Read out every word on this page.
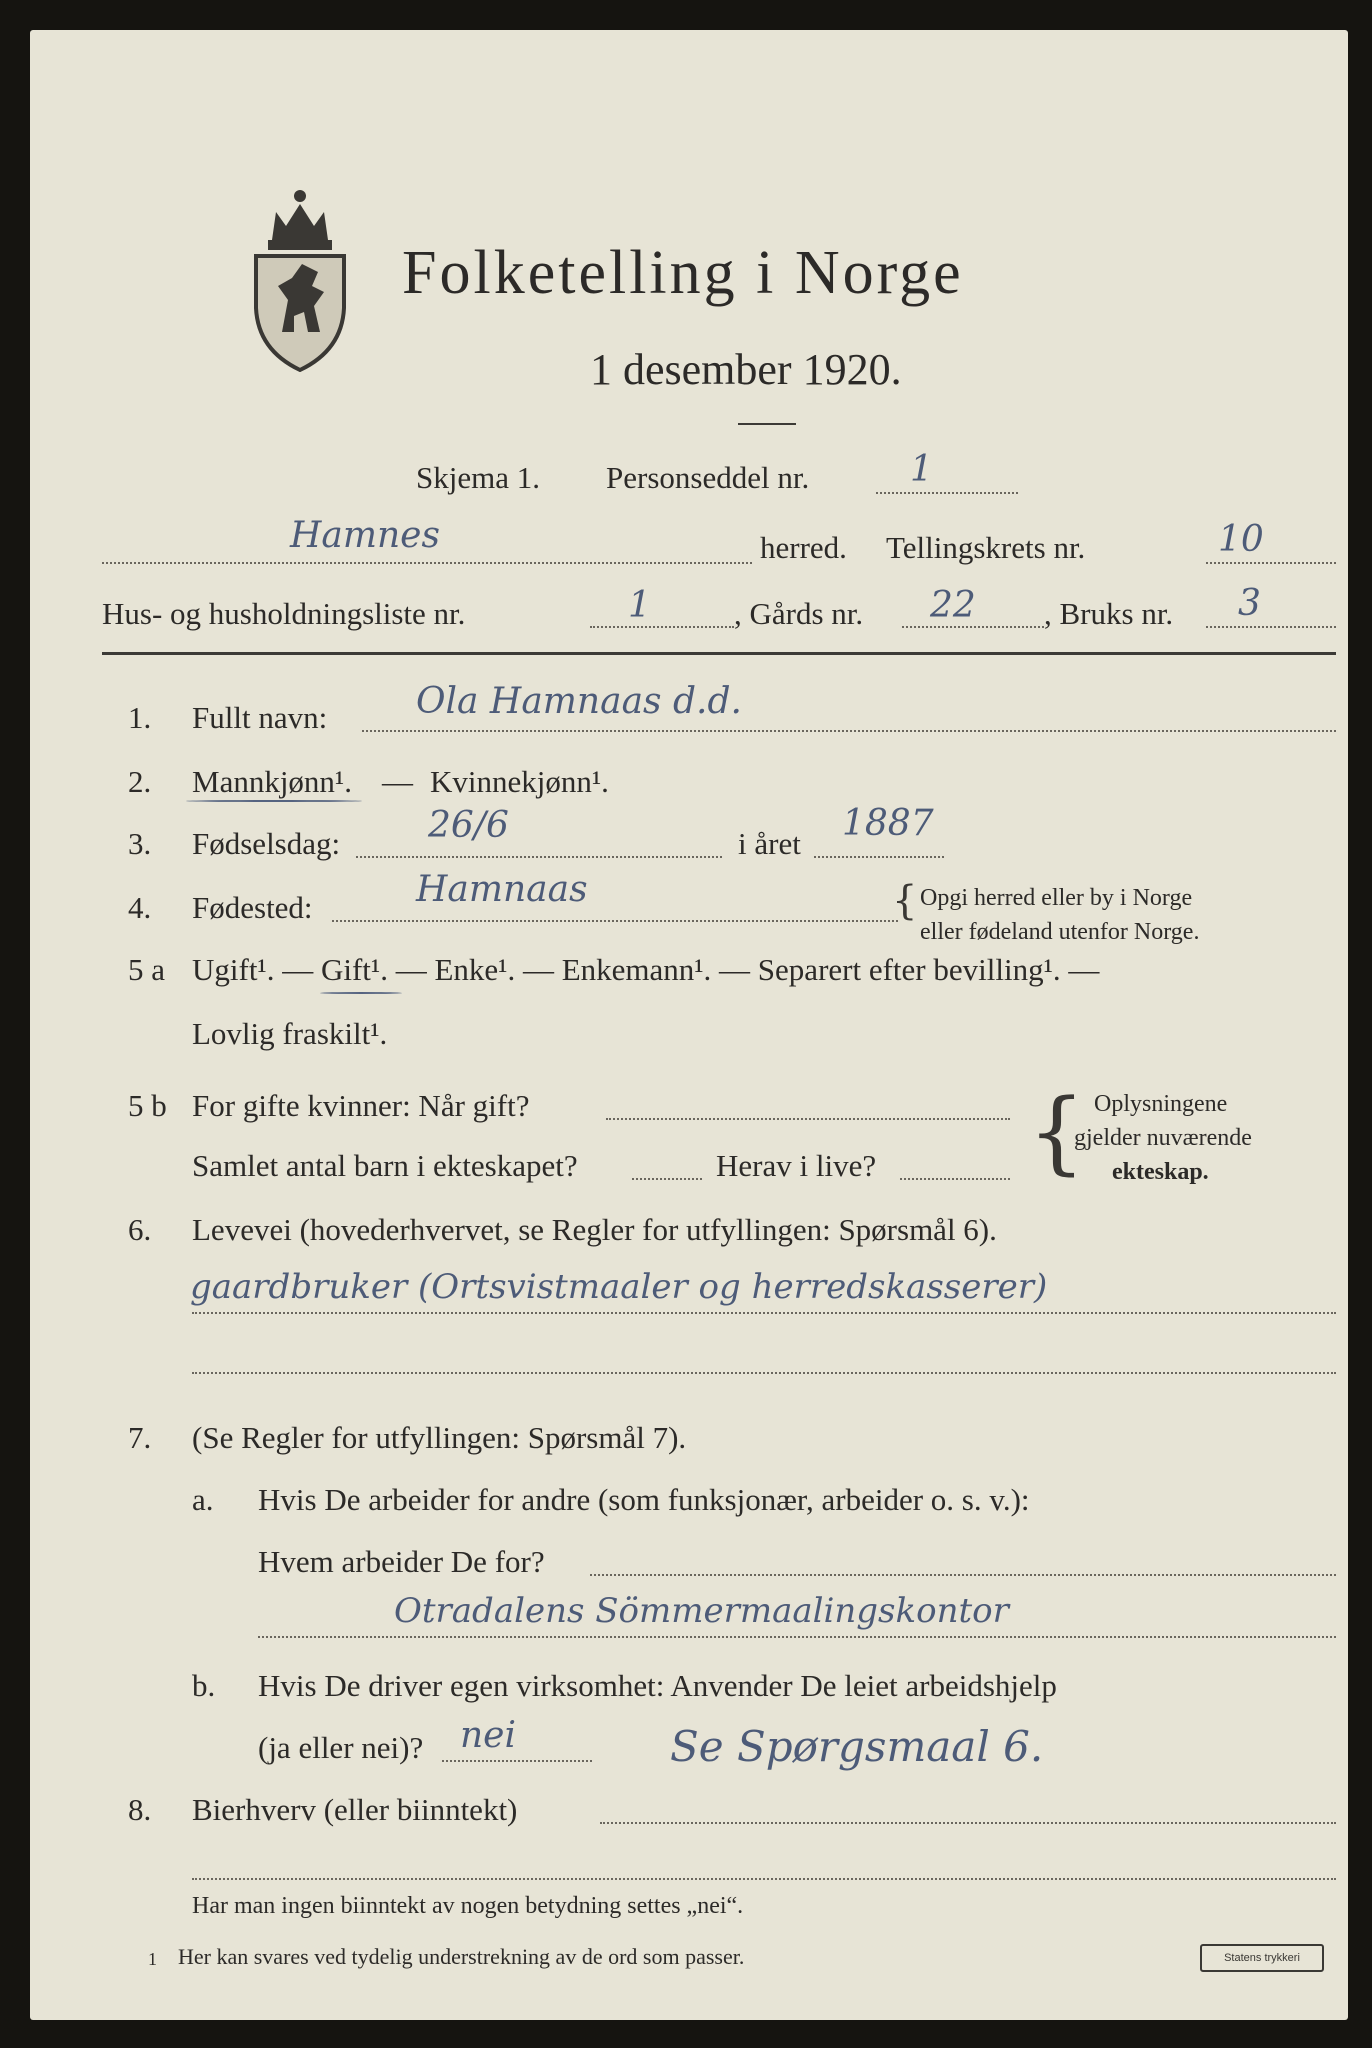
Folketelling i Norge
1 desember 1920.
Skjema 1. Personseddel nr.	1
Hamnes	herred. Tellingskrets nr.	10
Hus- og husholdningsliste nr.	1	, Gårds nr. 22 , Bruks nr. 3
1. Fullt navn: Ola Hamnaas d.d.
2. Mannkjønn¹. — Kvinnekjønn¹.
3. Fødselsdag: 26/6	i året 1887
4. Fødested:	Hamnaas	{ Opgi herred eller by i Norge
eller fødeland utenfor Norge.
5 a Ugift¹. — Gift¹. — Enke¹. — Enkemann¹. — Separert efter bevilling¹. —
Lovlig fraskilt¹.
5 b For gifte kvinner: Når gift?
Samlet antal barn i ekteskapet?	Herav i live? { Oplysningene
gjelder nuværende
ekteskap.
6. Levevei (hovederhvervet, se Regler for utfyllingen: Spørsmål 6).
gaardbruker (Ortsvistmaaler og herredskasserer)
7. (Se Regler for utfyllingen: Spørsmål 7).
a. Hvis De arbeider for andre (som funksjonær, arbeider o. s. v.):
Hvem arbeider De for?
Otradalens Sömmermaalingskontor
b. Hvis De driver egen virksomhet: Anvender De leiet arbeidshjelp
(ja eller nei)? nei	Se Spørgsmaal 6.
8. Bierhverv (eller biinntekt)
Har man ingen biinntekt av nogen betydning settes „nei“.
1 Her kan svares ved tydelig understrekning av de ord som passer.	Statens trykkeri
